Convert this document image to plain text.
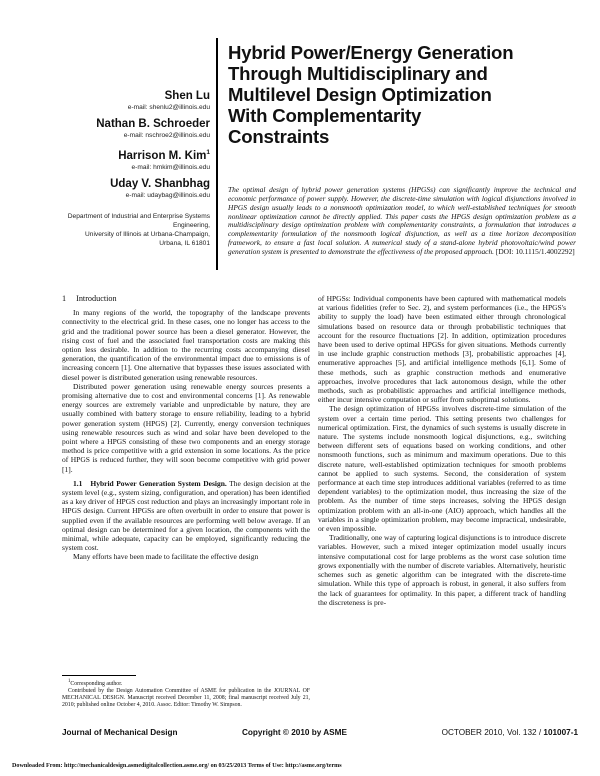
Shen Lu
e-mail: shenlu2@illinois.edu
Nathan B. Schroeder
e-mail: nschroe2@illinois.edu
Harrison M. Kim$^1$
e-mail: hmkim@illinois.edu
Uday V. Shanbhag
e-mail: udaybag@illinois.edu
Department of Industrial and Enterprise Systems
Engineering,
University of Illinois at Urbana-Champaign,
Urbana, IL 61801
Hybrid Power/Energy Generation
Through Multidisciplinary and
Multilevel Design Optimization
With Complementarity
Constraints
The optimal design of hybrid power generation systems (HPGSs) can significantly improve the technical and economic performance of power supply. However, the discrete-time simulation with logical disjunctions involved in HPGS design usually leads to a nonsmooth optimization model, to which well-established techniques for smooth nonlinear optimization cannot be directly applied. This paper casts the HPGS design optimization problem as a multidisciplinary design optimization problem with complementarity constraints, a formulation that introduces a complementarity formulation of the nonsmooth logical disjunction, as well as a time horizon decomposition framework, to ensure a fast local solution. A numerical study of a stand-alone hybrid photovoltaic/wind power generation system is presented to demonstrate the effectiveness of the proposed approach. [DOI: 10.1115/1.4002292]
1 Introduction

In many regions of the world, the topography of the landscape prevents connectivity to the electrical grid. In these cases, one no longer has access to the grid and the traditional power source has been a diesel generator. However, the rising cost of fuel and the associated fuel transportation costs are making this option less desirable. In addition to the recurring costs accompanying diesel generation, the quantification of the environmental impact due to emissions is of increasing concern [1]. One alternative that bypasses these issues associated with diesel power is distributed generation using renewable resources.

Distributed power generation using renewable energy sources presents a promising alternative due to cost and environmental concerns [1]. As renewable energy sources are extremely variable and unpredictable by nature, they are usually combined with battery storage to ensure reliability, leading to a hybrid power generation system (HPGS) [2]. Currently, energy conversion techniques using renewable resources such as wind and solar have been developed to the point where a HPGS consisting of these two components and an energy storage method is price competitive with a grid extension in some locations. As the price of HPGS is reduced further, they will soon become competitive with grid power [1].

1.1 Hybrid Power Generation System Design. The design decision at the system level (e.g., system sizing, configuration, and operation) has been identified as a key driver of HPGS cost reduction and plays an increasingly important role in HPGS design. Current HPGSs are often overbuilt in order to ensure that power is supplied even if the available resources are performing well below average. If an optimal design can be determined for a given location, the components with the minimal, while adequate, capacity can be employed, significantly reducing the system cost.

Many efforts have been made to facilitate the effective design

of HPGSs: Individual components have been captured with mathematical models at various fidelities (refer to Sec. 2), and system performances (i.e., the HPGS's ability to supply the load) have been estimated either through chronological simulations based on resource data or through probabilistic techniques that account for the resource fluctuations [2]. In addition, optimization procedures have been used to derive optimal HPGSs for given situations. Methods currently in use include graphic construction methods [3], probabilistic approaches [4], enumerative approaches [5], and artificial intelligence methods [6,1]. Some of these methods, such as graphic construction methods and enumerative approaches, involve procedures that lack autonomous design, while the other methods, such as probabilistic approaches and artificial intelligence methods, either incur intensive computation or suffer from suboptimal solutions.

The design optimization of HPGSs involves discrete-time simulation of the system over a certain time period. This setting presents two challenges for numerical optimization. First, the dynamics of such systems is usually discrete in nature. The systems include nonsmooth logical disjunctions, e.g., switching between different sets of equations based on working conditions, and other nonsmooth functions, such as minimum and maximum operations. Due to this discrete nature, well-established optimization techniques for smooth problems cannot be applied to such systems. Second, the consideration of system performance at each time step introduces additional variables (referred to as time dependent variables) to the optimization model, thus increasing the size of the problem. As the number of time steps increases, solving the HPGS design optimization problem with an all-in-one (AIO) approach, which handles all the variables in a single optimization problem, may become impractical, undesirable, or even impossible.

Traditionally, one way of capturing logical disjunctions is to introduce discrete variables. However, such a mixed integer optimization model usually incurs intensive computational cost for large problems as the worst case solution time grows exponentially with the number of discrete variables. Alternatively, heuristic schemes such as genetic algorithm can be integrated with the discrete-time simulation. While this type of approach is robust, in general, it also suffers from the lack of guarantees for optimality. In this paper, a different track of handling the discreteness is pre-

$^1$Corresponding author.

Contributed by the Design Automation Committee of ASME for publication in the JOURNAL OF MECHANICAL DESIGN. Manuscript received December 11, 2008; final manuscript received July 21, 2010; published online October 4, 2010. Assoc. Editor: Timothy W. Simpson.

Journal of Mechanical Design	Copyright © 2010 by ASME	OCTOBER 2010, Vol. 132 / 101007-1
Downloaded From: http://mechanicaldesign.asmedigitalcollection.asme.org/ on 03/25/2013 Terms of Use: http://asme.org/terms
